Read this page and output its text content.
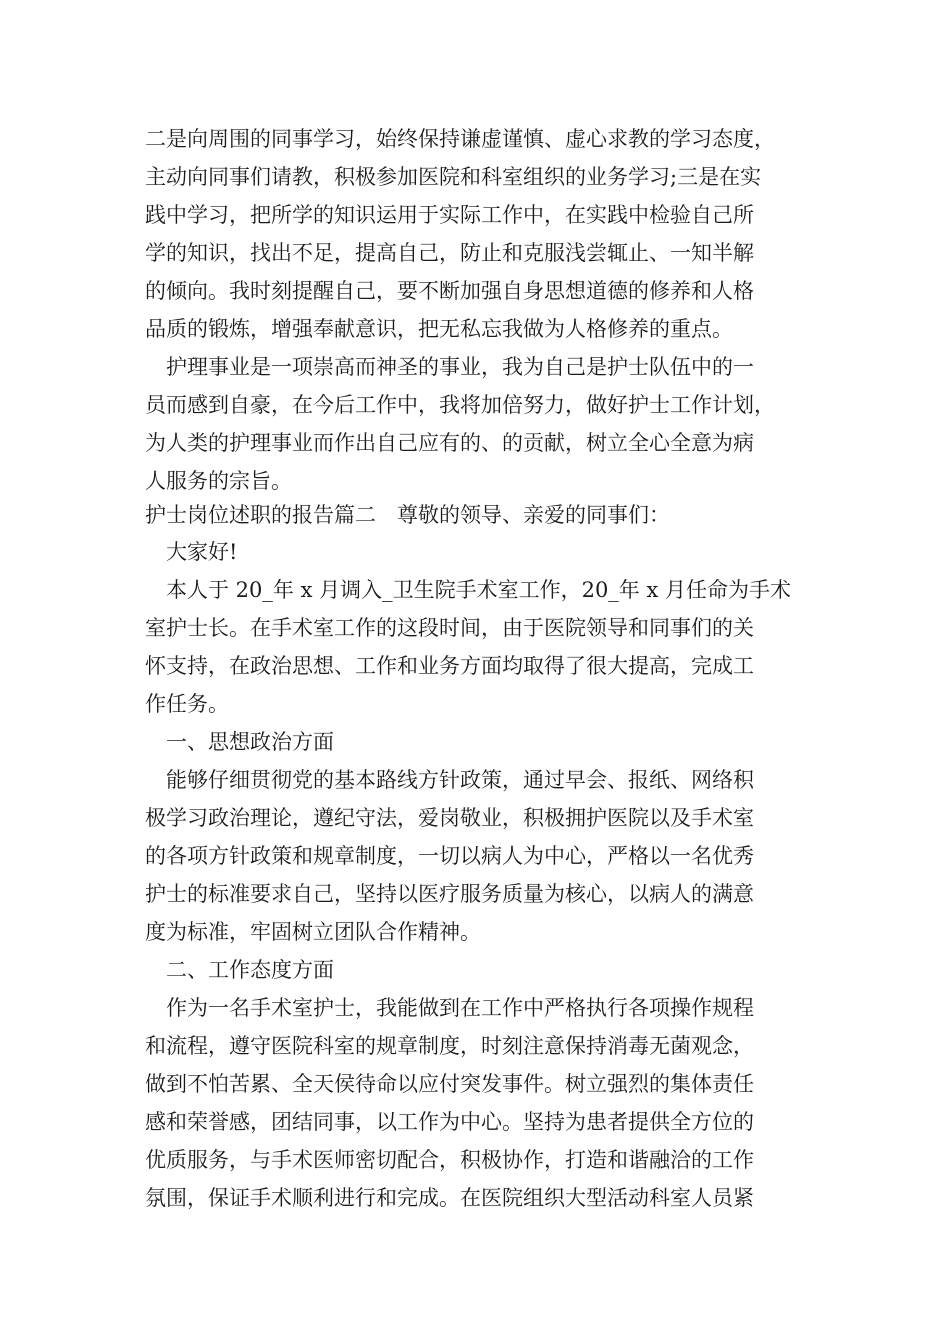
二是向周围的同事学习，始终保持谦虚谨慎、虚心求教的学习态度，
主动向同事们请教，积极参加医院和科室组织的业务学习;三是在实
践中学习，把所学的知识运用于实际工作中，在实践中检验自己所
学的知识，找出不足，提高自己，防止和克服浅尝辄止、一知半解
的倾向。我时刻提醒自己，要不断加强自身思想道德的修养和人格
品质的锻炼，增强奉献意识，把无私忘我做为人格修养的重点。
护理事业是一项崇高而神圣的事业，我为自己是护士队伍中的一
员而感到自豪，在今后工作中，我将加倍努力，做好护士工作计划，
为人类的护理事业而作出自己应有的、的贡献，树立全心全意为病
人服务的宗旨。
护士岗位述职的报告篇二　尊敬的领导、亲爱的同事们：
大家好!
本人于 20_年 x 月调入_卫生院手术室工作，20_年 x 月任命为手术
室护士长。在手术室工作的这段时间，由于医院领导和同事们的关
怀支持，在政治思想、工作和业务方面均取得了很大提高，完成工
作任务。
一、思想政治方面
能够仔细贯彻党的基本路线方针政策，通过早会、报纸、网络积
极学习政治理论，遵纪守法，爱岗敬业，积极拥护医院以及手术室
的各项方针政策和规章制度，一切以病人为中心，严格以一名优秀
护士的标准要求自己，坚持以医疗服务质量为核心，以病人的满意
度为标准，牢固树立团队合作精神。
二、工作态度方面
作为一名手术室护士，我能做到在工作中严格执行各项操作规程
和流程，遵守医院科室的规章制度，时刻注意保持消毒无菌观念，
做到不怕苦累、全天侯待命以应付突发事件。树立强烈的集体责任
感和荣誉感，团结同事，以工作为中心。坚持为患者提供全方位的
优质服务，与手术医师密切配合，积极协作，打造和谐融洽的工作
氛围，保证手术顺利进行和完成。在医院组织大型活动科室人员紧
